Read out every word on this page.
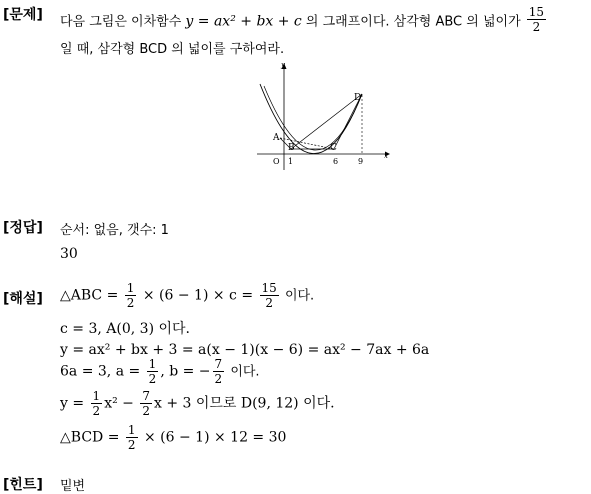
[문제] 다음 그림은 이차함수 y = ax² + bx + c 의 그래프이다. 삼각형 ABC 의 넓이가 $\frac{15}{2}$
일 때, 삼각형 BCD 의 넓이를 구하여라.
y
x
O 1	6 9
A
B	C
D
[정답] 순서: 없음, 갯수: 1
30
[해설] △ABC = $\frac{1}{2} \times (6 - 1) \times c = \frac{15}{2}$ 이다.
c = 3, A(0, 3) 이다.
y = ax² + bx + 3 = a(x − 1)(x − 6) = ax² − 7ax + 6a
6a = 3, $a = \frac{1}{2}$ , b = − $\frac{7}{2}$ 이다.
$y = \frac{1}{2} x^2 - \frac{7}{2}$ x + 3 이므로 D(9, 12) 이다.
△BCD = $\frac{1}{2} \times (6 - 1) \times 12 = 30$
[힌트] 밑변
